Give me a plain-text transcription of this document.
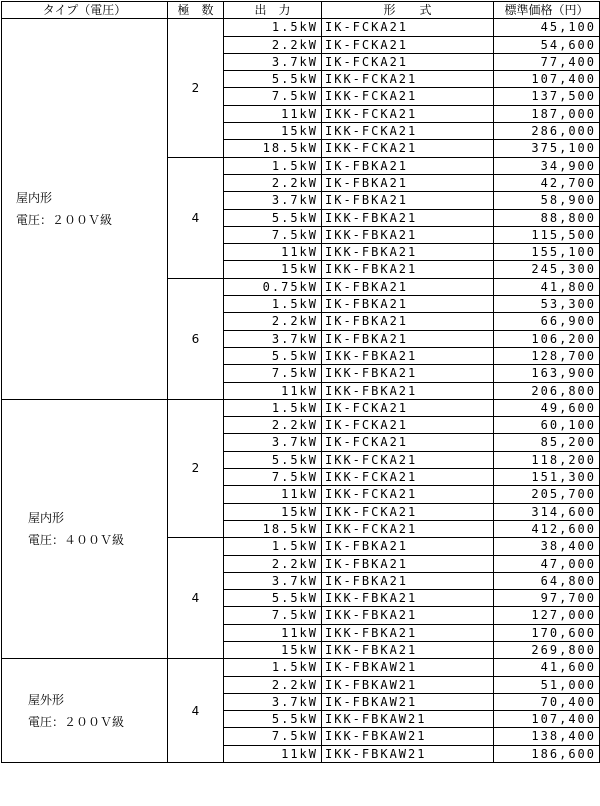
タイプ（電圧）	極　数	出　力	形　　式	標準価格（円）

屋内形
電圧：２００Ｖ級	2	1.5kW	IK-FCKA21	45,100
		2.2kW	IK-FCKA21	54,600
		3.7kW	IK-FCKA21	77,400
		5.5kW	IKK-FCKA21	107,400
		7.5kW	IKK-FCKA21	137,500
		11kW	IKK-FCKA21	187,000
		15kW	IKK-FCKA21	286,000
		18.5kW	IKK-FCKA21	375,100
	4	1.5kW	IK-FBKA21	34,900
		2.2kW	IK-FBKA21	42,700
		3.7kW	IK-FBKA21	58,900
		5.5kW	IKK-FBKA21	88,800
		7.5kW	IKK-FBKA21	115,500
		11kW	IKK-FBKA21	155,100
		15kW	IKK-FBKA21	245,300
	6	0.75kW	IK-FBKA21	41,800
		1.5kW	IK-FBKA21	53,300
		2.2kW	IK-FBKA21	66,900
		3.7kW	IK-FBKA21	106,200
		5.5kW	IKK-FBKA21	128,700
		7.5kW	IKK-FBKA21	163,900
		11kW	IKK-FBKA21	206,800

屋内形
電圧：４００Ｖ級	2	1.5kW	IK-FCKA21	49,600
		2.2kW	IK-FCKA21	60,100
		3.7kW	IK-FCKA21	85,200
		5.5kW	IKK-FCKA21	118,200
		7.5kW	IKK-FCKA21	151,300
		11kW	IKK-FCKA21	205,700
		15kW	IKK-FCKA21	314,600
		18.5kW	IKK-FCKA21	412,600
	4	1.5kW	IK-FBKA21	38,400
		2.2kW	IK-FBKA21	47,000
		3.7kW	IK-FBKA21	64,800
		5.5kW	IKK-FBKA21	97,700
		7.5kW	IKK-FBKA21	127,000
		11kW	IKK-FBKA21	170,600
		15kW	IKK-FBKA21	269,800

屋外形
電圧：２００Ｖ級	4	1.5kW	IK-FBKAW21	41,600
		2.2kW	IK-FBKAW21	51,000
		3.7kW	IK-FBKAW21	70,400
		5.5kW	IKK-FBKAW21	107,400
		7.5kW	IKK-FBKAW21	138,400
		11kW	IKK-FBKAW21	186,600
